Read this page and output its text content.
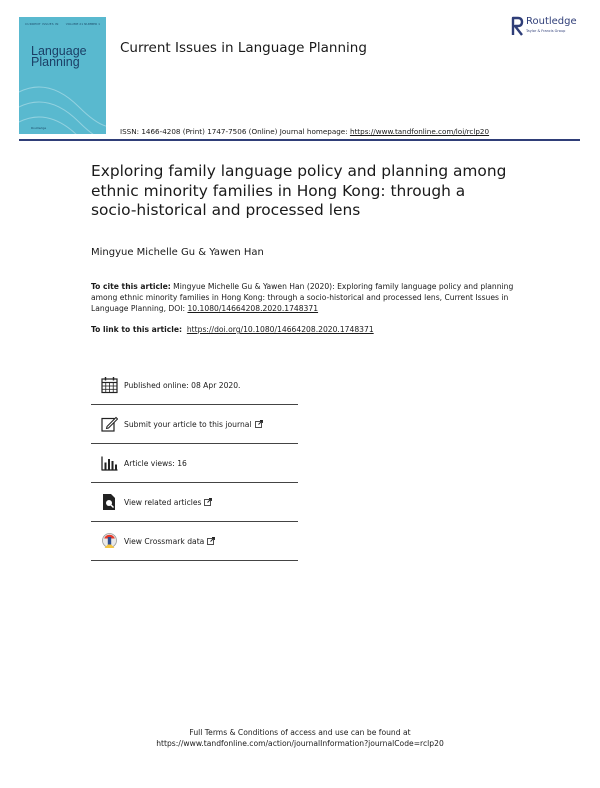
CURRENT ISSUES IN VOLUME 21 NUMBER 1
Language Planning
Routledge
Current Issues in Language Planning
ISSN: 1466-4208 (Print) 1747-7506 (Online) Journal homepage: https://www.tandfonline.com/loi/rclp20
Routledge
Taylor & Francis Group
Exploring family language policy and planning among ethnic minority families in Hong Kong: through a socio-historical and processed lens
Mingyue Michelle Gu & Yawen Han
To cite this article: Mingyue Michelle Gu & Yawen Han (2020): Exploring family language policy and planning among ethnic minority families in Hong Kong: through a socio-historical and processed lens, Current Issues in Language Planning, DOI: 10.1080/14664208.2020.1748371
To link to this article: https://doi.org/10.1080/14664208.2020.1748371
Published online: 08 Apr 2020.
Submit your article to this journal
Article views: 16
View related articles
View Crossmark data
Full Terms & Conditions of access and use can be found at
https://www.tandfonline.com/action/journalInformation?journalCode=rclp20
